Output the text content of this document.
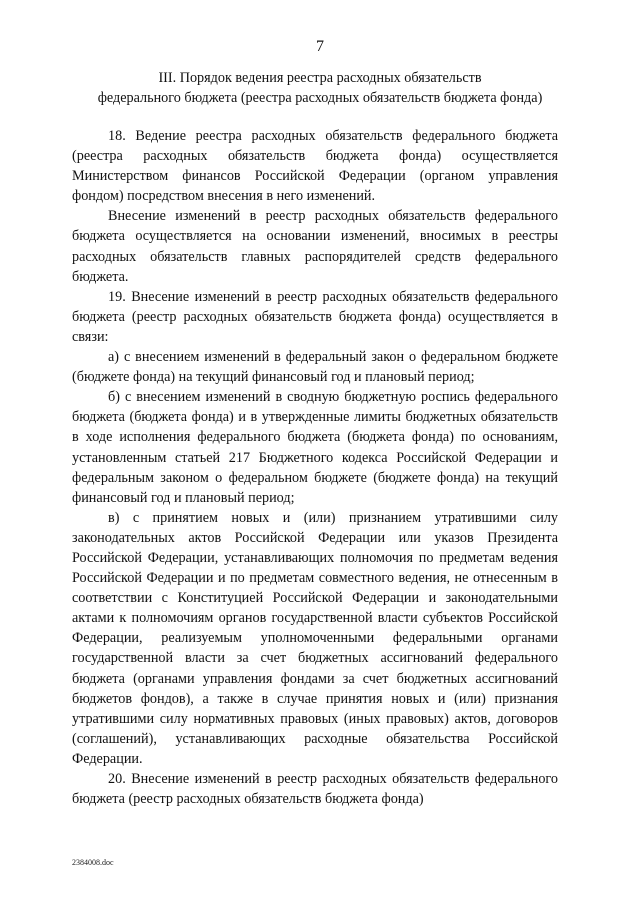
7
III. Порядок ведения реестра расходных обязательств
федерального бюджета (реестра расходных обязательств бюджета фонда)

18. Ведение реестра расходных обязательств федерального бюджета (реестра расходных обязательств бюджета фонда) осуществляется Министерством финансов Российской Федерации (органом управления фондом) посредством внесения в него изменений.

Внесение изменений в реестр расходных обязательств федерального бюджета осуществляется на основании изменений, вносимых в реестры расходных обязательств главных распорядителей средств федерального бюджета.

19. Внесение изменений в реестр расходных обязательств федерального бюджета (реестр расходных обязательств бюджета фонда) осуществляется в связи:

а) с внесением изменений в федеральный закон о федеральном бюджете (бюджете фонда) на текущий финансовый год и плановый период;

б) с внесением изменений в сводную бюджетную роспись федерального бюджета (бюджета фонда) и в утвержденные лимиты бюджетных обязательств в ходе исполнения федерального бюджета (бюджета фонда) по основаниям, установленным статьей 217 Бюджетного кодекса Российской Федерации и федеральным законом о федеральном бюджете (бюджете фонда) на текущий финансовый год и плановый период;

в) с принятием новых и (или) признанием утратившими силу законодательных актов Российской Федерации или указов Президента Российской Федерации, устанавливающих полномочия по предметам ведения Российской Федерации и по предметам совместного ведения, не отнесенным в соответствии с Конституцией Российской Федерации и законодательными актами к полномочиям органов государственной власти субъектов Российской Федерации, реализуемым уполномоченными федеральными органами государственной власти за счет бюджетных ассигнований федерального бюджета (органами управления фондами за счет бюджетных ассигнований бюджетов фондов), а также в случае принятия новых и (или) признания утратившими силу нормативных правовых (иных правовых) актов, договоров (соглашений), устанавливающих расходные обязательства Российской Федерации.

20. Внесение изменений в реестр расходных обязательств федерального бюджета (реестр расходных обязательств бюджета фонда)

2384008.doc
